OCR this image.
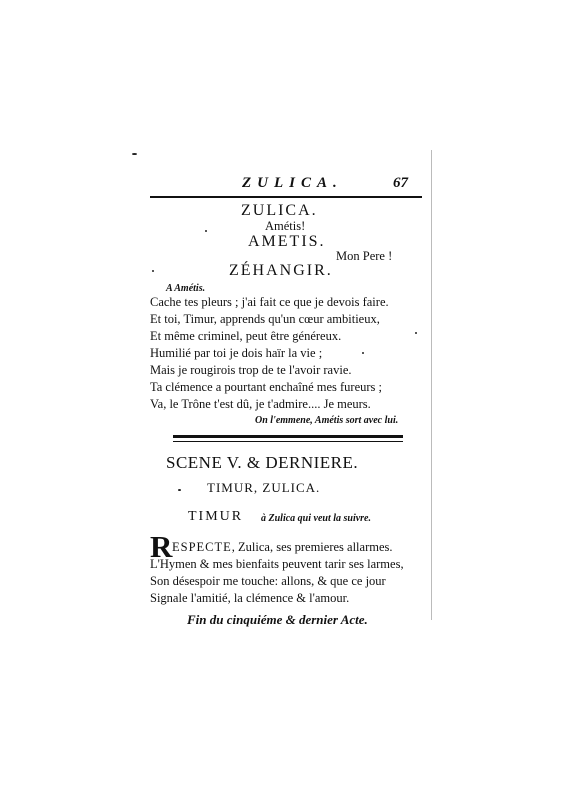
ZULICA.	67
ZULICA.
Amétis!
AMETIS.
Mon Pere !
ZÉHANGIR.
A Amétis.
Cache tes pleurs ; j'ai fait ce que je devois faire.
Et toi, Timur, apprends qu'un cœur ambitieux,
Et même criminel, peut être généreux.
Humilié par toi je dois haïr la vie ;
Mais je rougirois trop de te l'avoir ravie.
Ta clémence a pourtant enchaîné mes fureurs ;
Va, le Trône t'est dû, je t'admire.... Je meurs.
On l'emmene, Amétis sort avec lui.
SCENE V. & DERNIERE.
TIMUR, ZULICA.
TIMUR à Zulica qui veut la suivre.
R ESPECTE, Zulica, ses premieres allarmes.
L'Hymen & mes bienfaits peuvent tarir ses larmes,
Son désespoir me touche: allons, & que ce jour
Signale l'amitié, la clémence & l'amour.
Fin du cinquiéme & dernier Acte.
